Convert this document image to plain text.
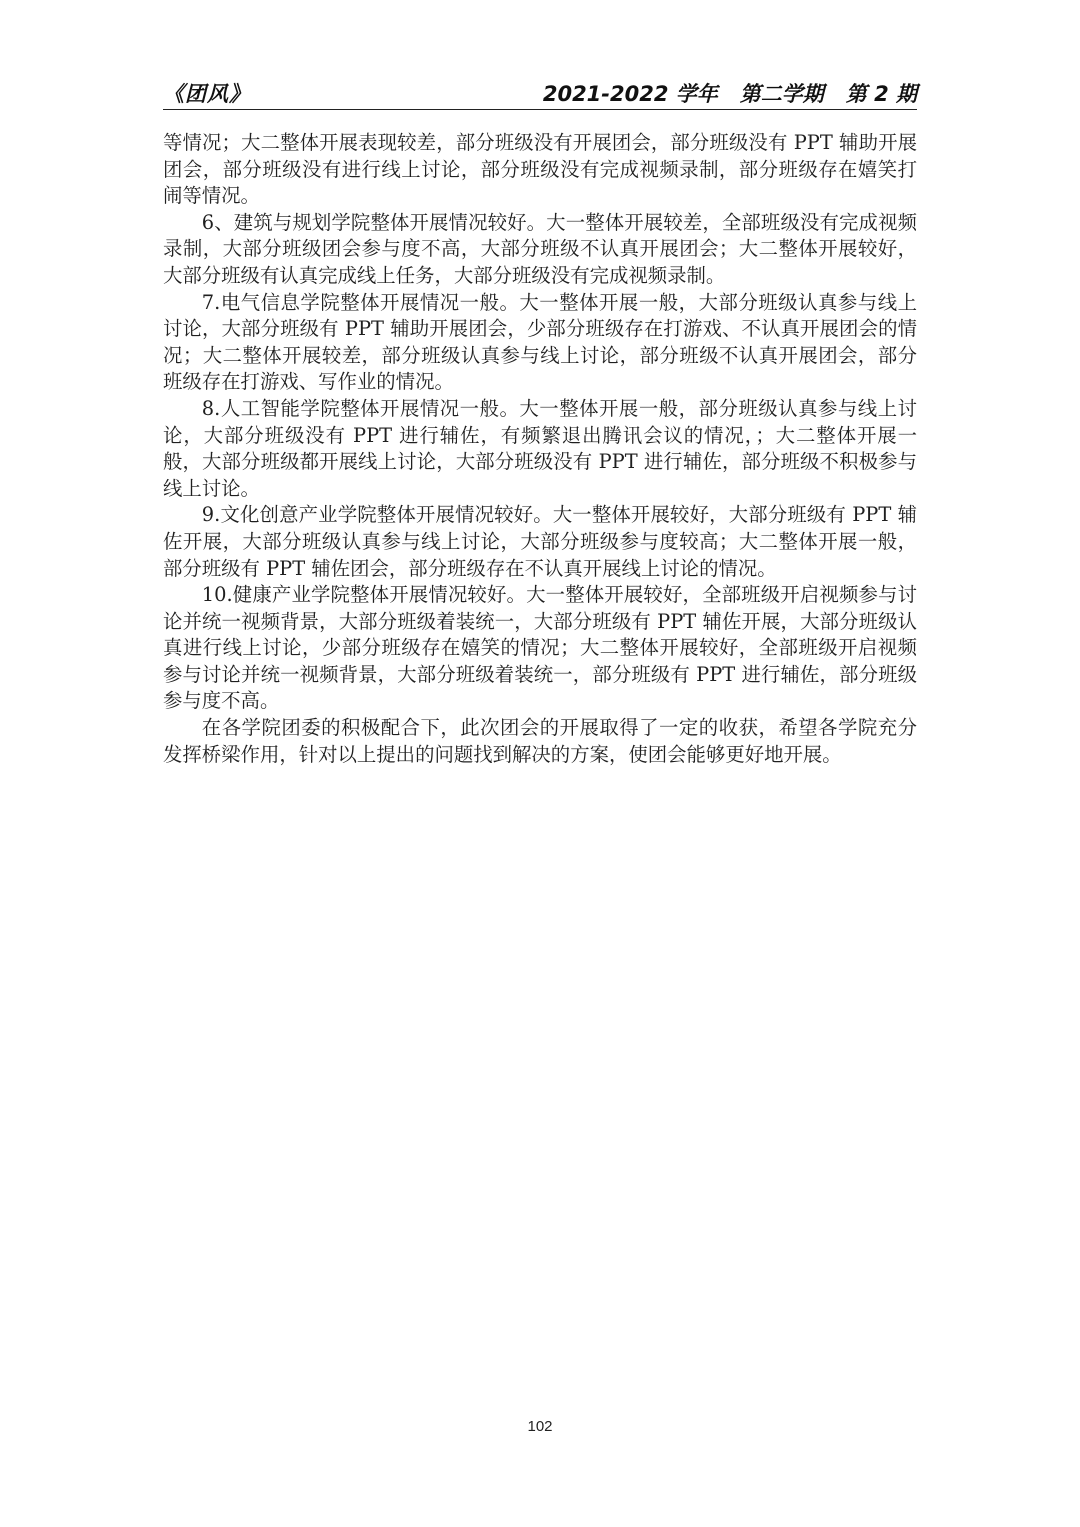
《团风》	2021-2022 学年 第二学期 第 2 期

等情况；大二整体开展表现较差，部分班级没有开展团会，部分班级没有 PPT 辅助开展团会，部分班级没有进行线上讨论，部分班级没有完成视频录制，部分班级存在嬉笑打闹等情况。

6、建筑与规划学院整体开展情况较好。大一整体开展较差，全部班级没有完成视频录制，大部分班级团会参与度不高，大部分班级不认真开展团会；大二整体开展较好，大部分班级有认真完成线上任务，大部分班级没有完成视频录制。

7.电气信息学院整体开展情况一般。大一整体开展一般，大部分班级认真参与线上讨论，大部分班级有 PPT 辅助开展团会，少部分班级存在打游戏、不认真开展团会的情况；大二整体开展较差，部分班级认真参与线上讨论，部分班级不认真开展团会，部分班级存在打游戏、写作业的情况。

8.人工智能学院整体开展情况一般。大一整体开展一般，部分班级认真参与线上讨论，大部分班级没有 PPT 进行辅佐，有频繁退出腾讯会议的情况，；大二整体开展一般，大部分班级都开展线上讨论，大部分班级没有 PPT 进行辅佐，部分班级不积极参与线上讨论。

9.文化创意产业学院整体开展情况较好。大一整体开展较好，大部分班级有 PPT 辅佐开展，大部分班级认真参与线上讨论，大部分班级参与度较高；大二整体开展一般，部分班级有 PPT 辅佐团会，部分班级存在不认真开展线上讨论的情况。

10.健康产业学院整体开展情况较好。大一整体开展较好，全部班级开启视频参与讨论并统一视频背景，大部分班级着装统一，大部分班级有 PPT 辅佐开展，大部分班级认真进行线上讨论，少部分班级存在嬉笑的情况；大二整体开展较好，全部班级开启视频参与讨论并统一视频背景，大部分班级着装统一，部分班级有 PPT 进行辅佐，部分班级参与度不高。

在各学院团委的积极配合下，此次团会的开展取得了一定的收获，希望各学院充分发挥桥梁作用，针对以上提出的问题找到解决的方案，使团会能够更好地开展。

102
